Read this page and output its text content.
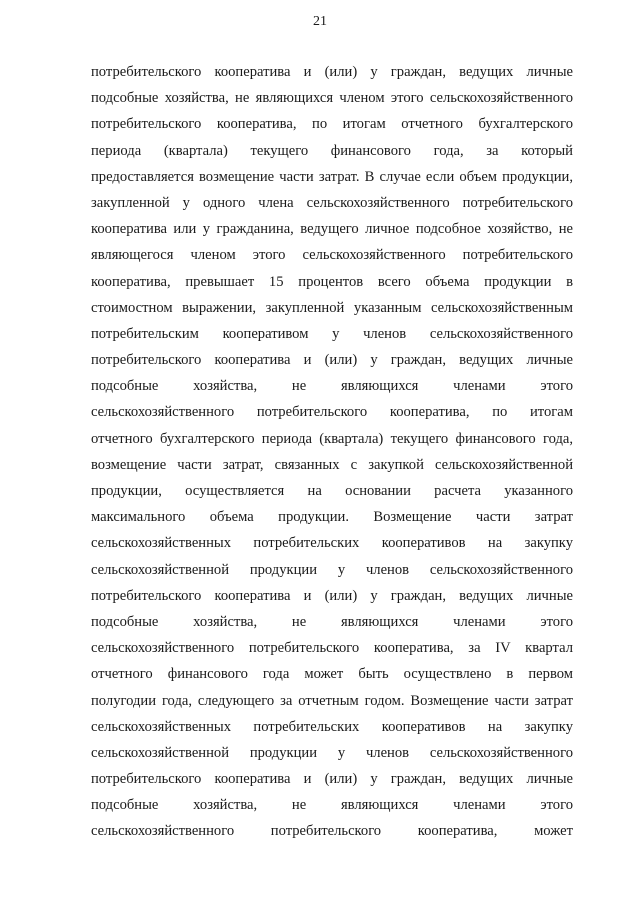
21
потребительского кооператива и (или) у граждан, ведущих личные
подсобные хозяйства, не являющихся членом этого сельскохозяйственного
потребительского кооператива, по итогам отчетного бухгалтерского
периода (квартала) текущего финансового года, за который
предоставляется возмещение части затрат. В случае если объем продукции,
закупленной у одного члена сельскохозяйственного потребительского
кооператива или у гражданина, ведущего личное подсобное хозяйство, не
являющегося членом этого сельскохозяйственного потребительского
кооператива, превышает 15 процентов всего объема продукции в
стоимостном выражении, закупленной указанным сельскохозяйственным
потребительским кооперативом у членов сельскохозяйственного
потребительского кооператива и (или) у граждан, ведущих личные
подсобные хозяйства, не являющихся членами этого
сельскохозяйственного потребительского кооператива, по итогам
отчетного бухгалтерского периода (квартала) текущего финансового года,
возмещение части затрат, связанных с закупкой сельскохозяйственной
продукции, осуществляется на основании расчета указанного
максимального объема продукции. Возмещение части затрат
сельскохозяйственных потребительских кооперативов на закупку
сельскохозяйственной продукции у членов сельскохозяйственного
потребительского кооператива и (или) у граждан, ведущих личные
подсобные хозяйства, не являющихся членами этого
сельскохозяйственного потребительского кооператива, за IV квартал
отчетного финансового года может быть осуществлено в первом
полугодии года, следующего за отчетным годом. Возмещение части затрат
сельскохозяйственных потребительских кооперативов на закупку
сельскохозяйственной продукции у членов сельскохозяйственного
потребительского кооператива и (или) у граждан, ведущих личные
подсобные хозяйства, не являющихся членами этого
сельскохозяйственного потребительского кооператива, может
